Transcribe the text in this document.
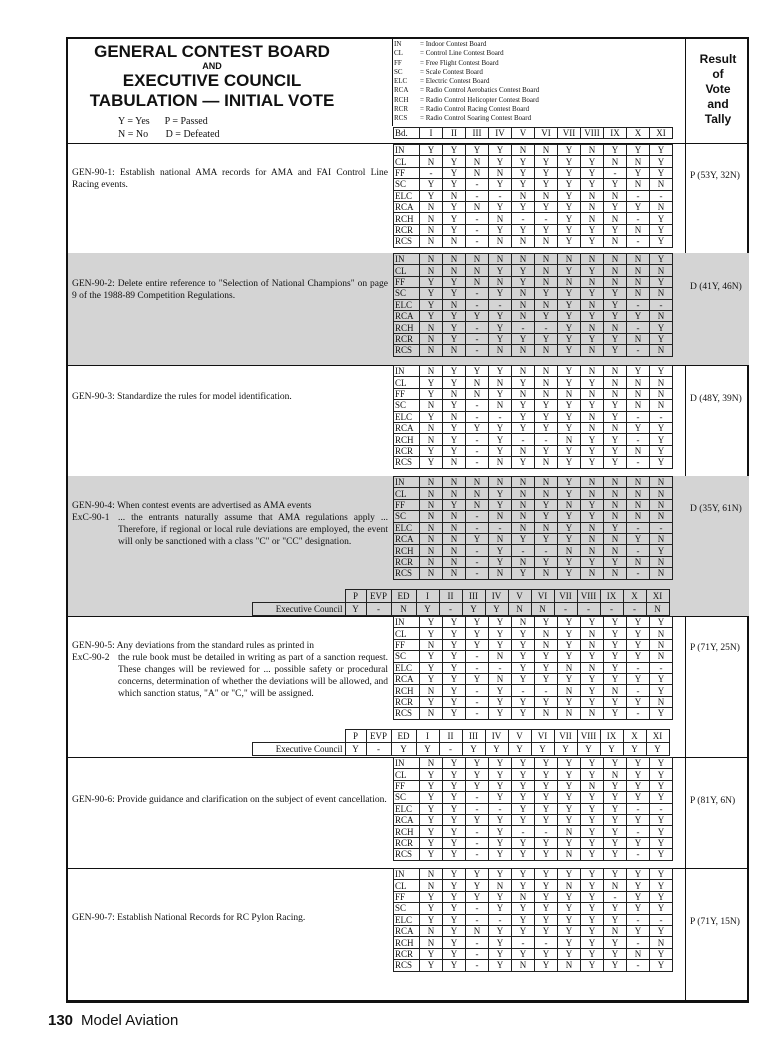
GENERAL CONTEST BOARD
AND
EXECUTIVE COUNCIL
TABULATION — INITIAL VOTE
Y = Yes      P = Passed
N = No       D = Defeated
IN	= Indoor Contest Board
CL	= Control Line Contest Board
FF	= Free Flight Contest Board
SC	= Scale Contest Board
ELC	= Electric Contest Board
RCA	= Radio Control Aerobatics Contest Board
RCH	= Radio Control Helicopter Contest Board
RCR	= Radio Control Racing Contest Board
RCS	= Radio Control Soaring Contest Board
Result
of
Vote
and
Tally
Bd.	I	II	III	IV	V	VI	VII	VIII	IX	X	XI
GEN-90-1: Establish national AMA records for AMA and FAI Control Line Racing events.
IN	Y	Y	Y	Y	N	N	Y	N	Y	Y	Y
CL	N	Y	N	Y	Y	Y	Y	Y	N	N	Y
FF	-	Y	N	N	Y	Y	Y	Y	-	Y	Y
SC	Y	Y	-	Y	Y	Y	Y	Y	Y	N	N
ELC	Y	N	-	-	N	N	Y	N	N	-	-
RCA	N	Y	N	Y	Y	Y	Y	N	Y	Y	N
RCH	N	Y	-	N	-	-	Y	N	N	-	Y
RCR	N	Y	-	Y	Y	Y	Y	Y	Y	N	Y
RCS	N	N	-	N	N	N	Y	Y	N	-	Y
P (53Y, 32N)
GEN-90-2: Delete entire reference to "Selection of National Champions" on page 9 of the 1988-89 Competition Regulations.
IN	N	N	N	N	N	N	N	N	N	N	Y
CL	N	N	N	Y	Y	N	Y	Y	N	N	N
FF	Y	Y	N	N	Y	N	N	N	N	N	Y
SC	Y	Y	-	Y	N	Y	Y	Y	Y	N	N
ELC	Y	N	-	-	N	N	Y	N	Y	-	-
RCA	Y	Y	Y	Y	N	Y	Y	Y	Y	Y	N
RCH	N	Y	-	Y	-	-	Y	N	N	-	Y
RCR	N	Y	-	Y	Y	Y	Y	Y	Y	N	Y
RCS	N	N	-	N	N	N	Y	N	Y	-	N
D (41Y, 46N)
GEN-90-3: Standardize the rules for model identification.
IN	N	Y	Y	Y	N	N	Y	N	N	Y	Y
CL	Y	Y	N	N	Y	N	Y	Y	N	N	N
FF	Y	N	N	Y	N	N	N	N	N	N	N
SC	N	Y	-	N	Y	Y	Y	Y	Y	N	N
ELC	Y	N	-	-	Y	Y	Y	N	Y	-	-
RCA	N	Y	Y	Y	Y	Y	Y	N	N	Y	Y
RCH	N	Y	-	Y	-	-	N	Y	Y	-	Y
RCR	Y	Y	-	Y	N	Y	Y	Y	Y	N	Y
RCS	Y	N	-	N	Y	N	Y	Y	Y	-	Y
D (48Y, 39N)
GEN-90-4: When contest events are advertised as AMA events
ExC-90-1 ... the entrants naturally assume that AMA regulations apply ... Therefore, if regional or local rule deviations are employed, the event will only be sanctioned with a class "C" or "CC" designation.
IN	N	N	N	N	N	N	Y	N	N	N	N
CL	N	N	N	Y	N	N	Y	N	N	N	N
FF	N	Y	N	Y	N	Y	N	Y	N	N	N
SC	N	N	-	N	N	Y	Y	Y	N	N	N
ELC	N	N	-	-	N	N	Y	N	Y	-	-
RCA	N	N	Y	N	Y	Y	Y	N	N	Y	N
RCH	N	N	-	Y	-	-	N	N	N	-	Y
RCR	N	N	-	Y	N	Y	Y	Y	Y	N	N
RCS	N	N	-	N	Y	N	Y	N	N	-	N
	P	EVP	ED	I	II	III	IV	V	VI	VII	VIII	IX	X	XI
Executive Council	Y	-	N	Y	-	Y	Y	N	N	-	-	-	-	N
D (35Y, 61N)
GEN-90-5: Any deviations from the standard rules as printed in
ExC-90-2 the rule book must be detailed in writing as part of a sanction request. These changes will be reviewed for ... possible safety or procedural concerns, determination of whether the deviations will be allowed, and which sanction status, "A" or "C," will be assigned.
IN	Y	Y	Y	Y	N	Y	Y	Y	Y	Y	Y
CL	Y	Y	Y	Y	Y	N	Y	N	Y	Y	N
FF	N	Y	Y	Y	Y	N	Y	N	Y	Y	N
SC	Y	Y	-	N	Y	Y	Y	Y	Y	Y	N
ELC	Y	Y	-	-	Y	Y	N	N	Y	-	-
RCA	Y	Y	Y	N	Y	Y	Y	Y	Y	Y	Y
RCH	N	Y	-	Y	-	-	N	Y	N	-	Y
RCR	Y	Y	-	Y	Y	Y	Y	Y	Y	Y	N
RCS	N	Y	-	Y	Y	N	N	N	Y	-	Y
	P	EVP	ED	I	II	III	IV	V	VI	VII	VIII	IX	X	XI
Executive Council	Y	-	Y	Y	-	Y	Y	Y	Y	Y	Y	Y	Y	Y
P (71Y, 25N)
GEN-90-6: Provide guidance and clarification on the subject of event cancellation.
IN	N	Y	Y	Y	Y	Y	Y	Y	Y	Y	Y
CL	Y	Y	Y	Y	Y	Y	Y	Y	N	Y	Y
FF	Y	Y	Y	Y	Y	Y	Y	N	Y	Y	Y
SC	Y	Y	-	Y	Y	Y	Y	Y	Y	Y	Y
ELC	Y	Y	-	-	Y	Y	Y	Y	Y	-	-
RCA	Y	Y	Y	Y	Y	Y	Y	Y	Y	Y	Y
RCH	Y	Y	-	Y	-	-	N	Y	Y	-	Y
RCR	Y	Y	-	Y	Y	Y	Y	Y	Y	Y	Y
RCS	Y	Y	-	Y	Y	Y	N	Y	Y	-	Y
P (81Y, 6N)
GEN-90-7: Establish National Records for RC Pylon Racing.
IN	N	Y	Y	Y	Y	Y	Y	Y	Y	Y	Y
CL	N	Y	Y	N	Y	Y	N	Y	N	Y	Y
FF	Y	Y	Y	Y	N	Y	Y	Y	-	Y	Y
SC	Y	Y	-	Y	Y	Y	Y	Y	Y	Y	Y
ELC	Y	Y	-	-	Y	Y	Y	Y	Y	-	-
RCA	N	Y	N	Y	Y	Y	Y	Y	N	Y	Y
RCH	N	Y	-	Y	-	-	Y	Y	Y	-	N
RCR	Y	Y	-	Y	Y	Y	Y	Y	Y	N	Y
RCS	Y	Y	-	Y	N	Y	N	Y	Y	-	Y
P (71Y, 15N)
130 Model Aviation
